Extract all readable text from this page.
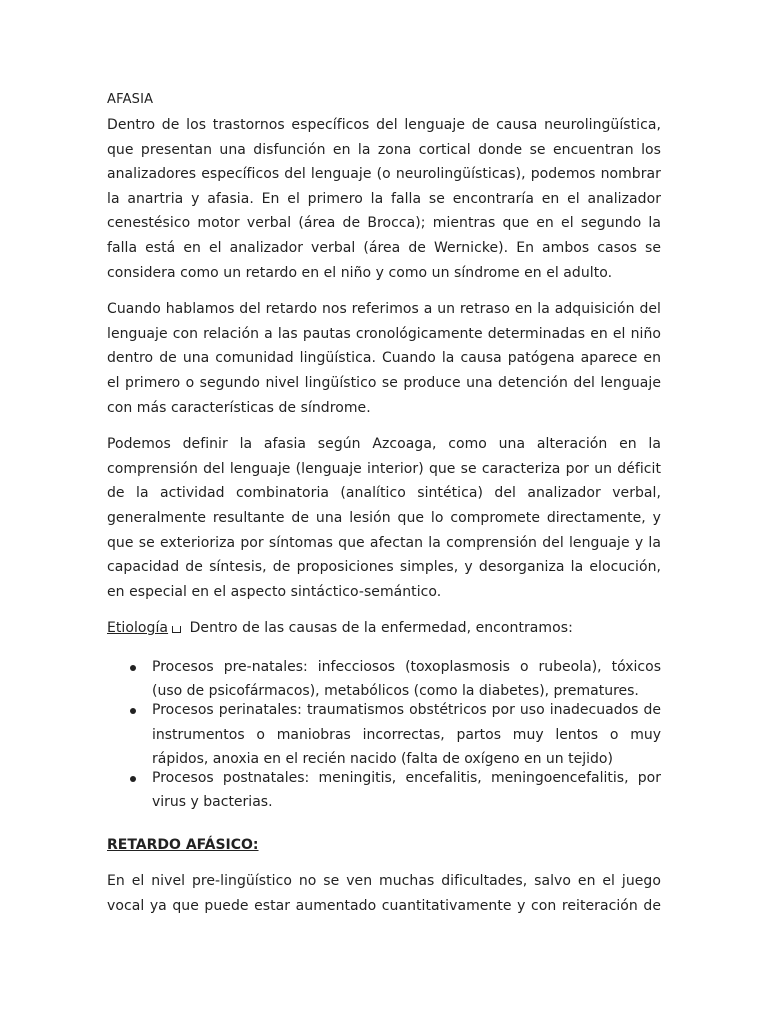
AFASIA

Dentro de los trastornos específicos del lenguaje de causa neurolingüística, que presentan una disfunción en la zona cortical donde se encuentran los analizadores específicos del lenguaje (o neurolingüísticas), podemos nombrar la anartria y afasia. En el primero la falla se encontraría en el analizador cenestésico motor verbal (área de Brocca); mientras que en el segundo la falla está en el analizador verbal (área de Wernicke). En ambos casos se considera como un retardo en el niño y como un síndrome en el adulto.

Cuando hablamos del retardo nos referimos a un retraso en la adquisición del lenguaje con relación a las pautas cronológicamente determinadas en el niño dentro de una comunidad lingüística. Cuando la causa patógena aparece en el primero o segundo nivel lingüístico se produce una detención del lenguaje con más características de síndrome.

Podemos definir la afasia según Azcoaga, como una alteración en la comprensión del lenguaje (lenguaje interior) que se caracteriza por un déficit de la actividad combinatoria (analítico sintética) del analizador verbal, generalmente resultante de una lesión que lo compromete directamente, y que se exterioriza por síntomas que afectan la comprensión del lenguaje y la capacidad de síntesis, de proposiciones simples, y desorganiza la elocución, en especial en el aspecto sintáctico-semántico.

Etiología Dentro de las causas de la enfermedad, encontramos:

Procesos pre-natales: infecciosos (toxoplasmosis o rubeola), tóxicos (uso de psicofármacos), metabólicos (como la diabetes), prematures.
Procesos perinatales: traumatismos obstétricos por uso inadecuados de instrumentos o maniobras incorrectas, partos muy lentos o muy rápidos, anoxia en el recién nacido (falta de oxígeno en un tejido)
Procesos postnatales: meningitis, encefalitis, meningoencefalitis, por virus y bacterias.
RETARDO AFÁSICO:

En el nivel pre-lingüístico no se ven muchas dificultades, salvo en el juego vocal ya que puede estar aumentado cuantitativamente y con reiteración de
